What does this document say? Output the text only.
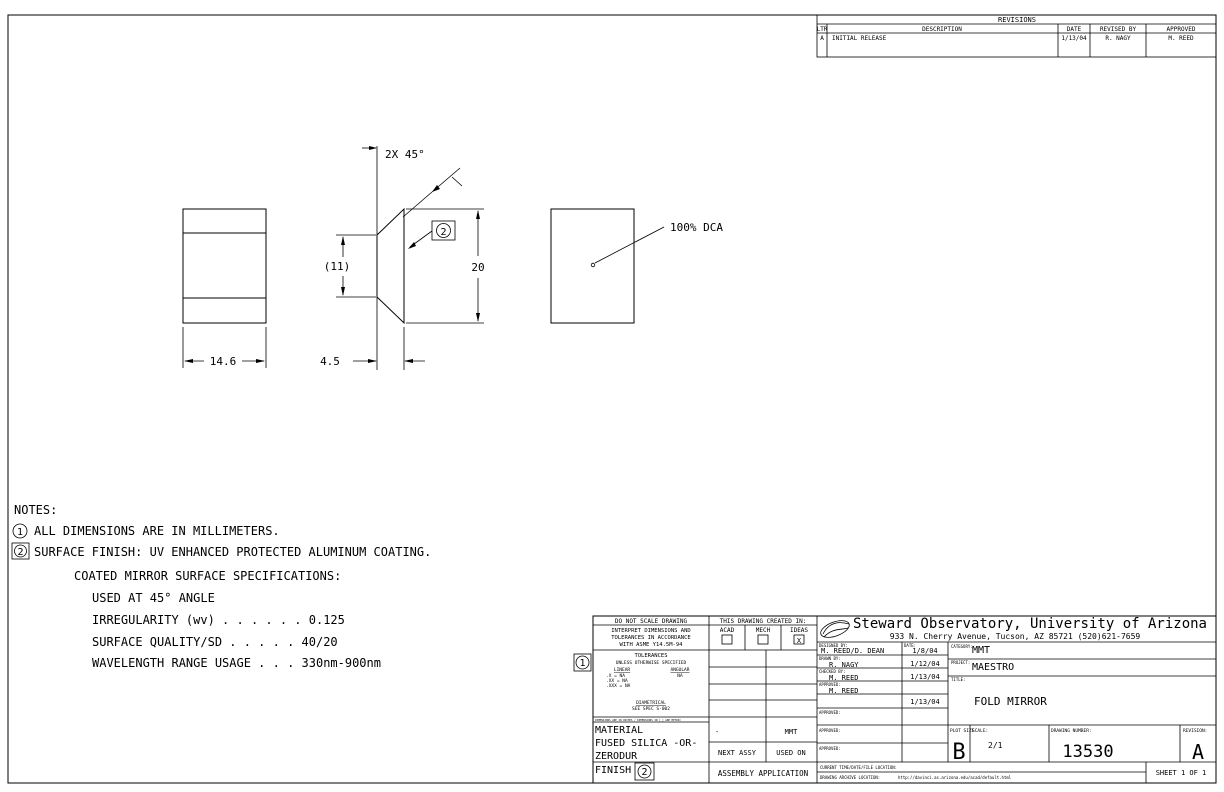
REVISIONS
LTR	DESCRIPTION	DATE	REVISED BY	APPROVED
A INITIAL RELEASE	1/13/04	R. NAGY	M. REED
14.6
2X 45°
2
(11)	20
4.5
100% DCA
NOTES:
1 ALL DIMENSIONS ARE IN MILLIMETERS.
2 SURFACE FINISH: UV ENHANCED PROTECTED ALUMINUM COATING.
COATED MIRROR SURFACE SPECIFICATIONS:
USED AT 45° ANGLE
IRREGULARITY (wv) . . . . . . 0.125
SURFACE QUALITY/SD . . . . . 40/20
WAVELENGTH RANGE USAGE . . . 330nm-900nm	1
DO NOT SCALE DRAWING
INTERPRET DIMENSIONS AND
TOLERANCES IN ACCORDANCE
WITH ASME Y14.5M-94
TOLERANCES
UNLESS OTHERWISE SPECIFIED
LINEAR	ANGULAR
.X = NA
.XX = NA
.XXX = NA
NA
DIAMETRICAL
SEE SPEC S-002
DIMENSIONS ARE IN INCHES / DIMENSIONS IN [ ] ARE METRIC
MATERIAL
FUSED SILICA -OR-
ZERODUR
FINISH 2
THIS DRAWING CREATED IN:
ACAD	MECH	IDEAS
X
-	MMT
NEXT ASSY	USED ON
ASSEMBLY APPLICATION
Steward Observatory, University of Arizona
933 N. Cherry Avenue, Tucson, AZ 85721 (520)621-7659
DESIGNED BY:
M. REED/D. DEAN
DATE:
1/8/04
DRAWN BY:
R. NAGY	1/12/04
CHECKED BY:
M. REED	1/13/04
APPROVED:
M. REED
1/13/04
APPROVED:
APPROVED:
APPROVED:
CATEGORY: MMT
PROJECT: MAESTRO
TITLE:
FOLD MIRROR
PLOT SIZE
B
SCALE:
2/1
DRAWING NUMBER:
13530
REVISION:
A
CURRENT TIME/DATE/FILE LOCATION:
DRAWING ARCHIVE LOCATION:	http://davinci.as.arizona.edu/acad/default.html
SHEET 1 OF 1
